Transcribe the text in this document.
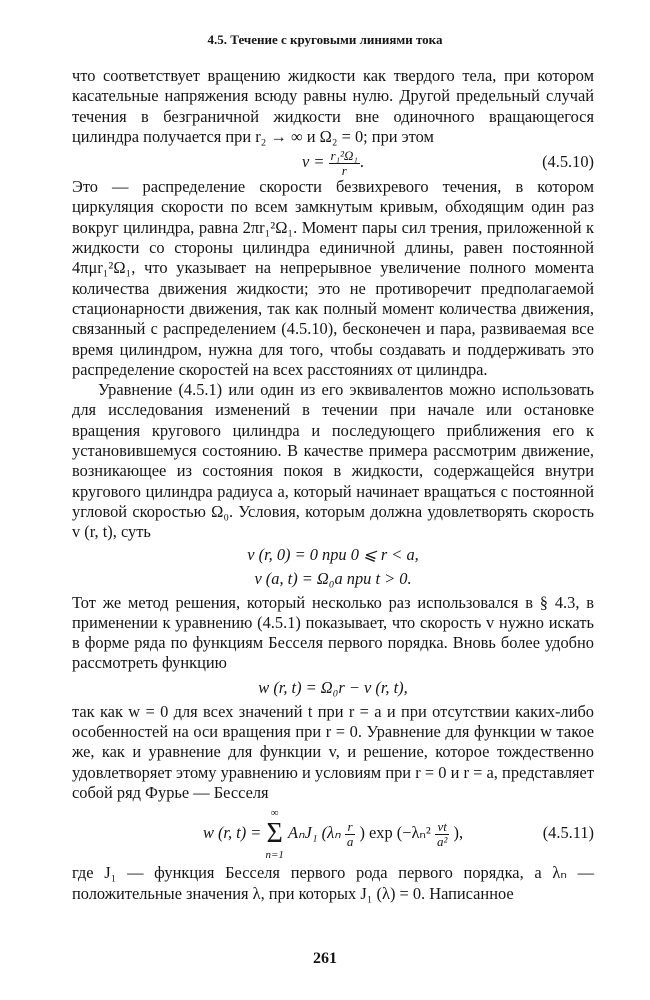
4.5. Течение с круговыми линиями тока

что соответствует вращению жидкости как твердого тела, при котором касательные напряжения всюду равны нулю. Другой предельный случай течения в безграничной жидкости вне одиночного вращающегося цилиндра получается при r₂ → ∞ и Ω₂ = 0; при этом

$v = \frac{\text{r₁²Ω₁}}{r}$ .	(4.5.10)

Это — распределение скорости безвихревого течения, в котором циркуляция скорости по всем замкнутым кривым, обходящим один раз вокруг цилиндра, равна 2πr₁²Ω₁. Момент пары сил трения, приложенной к жидкости со стороны цилиндра единичной длины, равен постоянной 4πμr₁²Ω₁, что указывает на непрерывное увеличение полного момента количества движения жидкости; это не противоречит предполагаемой стационарности движения, так как полный момент количества движения, связанный с распределением (4.5.10), бесконечен и пара, развиваемая все время цилиндром, нужна для того, чтобы создавать и поддерживать это распределение скоростей на всех расстояниях от цилиндра.

Уравнение (4.5.1) или один из его эквивалентов можно использовать для исследования изменений в течении при начале или остановке вращения кругового цилиндра и последующего приближения его к установившемуся состоянию. В качестве примера рассмотрим движение, возникающее из состояния покоя в жидкости, содержащейся внутри кругового цилиндра радиуса a, который начинает вращаться с постоянной угловой скоростью Ω₀. Условия, которым должна удовлетворять скорость v (r, t), суть

v (r, 0) = 0 при 0 ⩽ r < a,
v (a, t) = Ω₀a при t > 0.

Тот же метод решения, который несколько раз использовался в § 4.3, в применении к уравнению (4.5.1) показывает, что скорость v нужно искать в форме ряда по функциям Бесселя первого порядка. Вновь более удобно рассмотреть функцию

w (r, t) = Ω₀r − v (r, t),

так как w = 0 для всех значений t при r = a и при отсутствии каких-либо особенностей на оси вращения при r = 0. Уравнение для функции w такое же, как и уравнение для функции v, и решение, которое тождественно удовлетворяет этому уравнению и условиям при r = 0 и r = a, представляет собой ряд Фурье — Бесселя

w (r, t) =
∞
Σ
n=1
AₙJ₁ ($\lambda_n \frac{r}{a}$ ) $\exp (-\lambda_n^2 \frac{\nu t}{\text{a²}}$ ),	(4.5.11)

где J₁ — функция Бесселя первого рода первого порядка, а λₙ — положительные значения λ, при которых J₁ (λ) = 0. Написанное

261
